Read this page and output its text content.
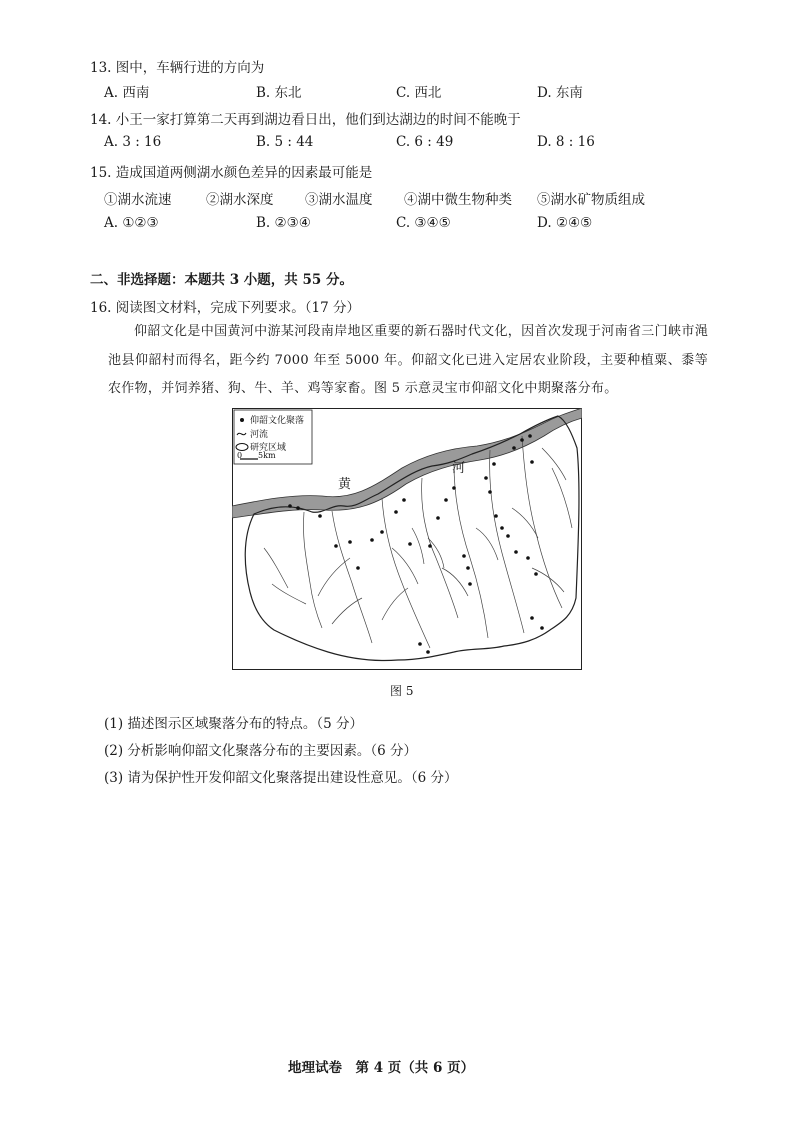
13. 图中，车辆行进的方向为
A. 西南	B. 东北	C. 西北	D. 东南
14. 小王一家打算第二天再到湖边看日出，他们到达湖边的时间不能晚于
A. 3 : 16	B. 5 : 44	C. 6 : 49	D. 8 : 16
15. 造成国道两侧湖水颜色差异的因素最可能是
①湖水流速	②湖水深度 ③湖水温度 ④湖中微生物种类 ⑤湖水矿物质组成
A. ①②③	B. ②③④	C. ③④⑤	D. ②④⑤
二、非选择题：本题共 3 小题，共 55 分。
16. 阅读图文材料，完成下列要求。（17 分）
仰韶文化是中国黄河中游某河段南岸地区重要的新石器时代文化，因首次发现于河南省三门峡市渑池县仰韶村而得名，距今约 7000 年至 5000 年。仰韶文化已进入定居农业阶段，主要种植粟、黍等农作物，并饲养猪、狗、牛、羊、鸡等家畜。图 5 示意灵宝市仰韶文化中期聚落分布。
仰韶文化聚落
河流
研究区域
0 5km
黄
河
图 5
(1) 描述图示区域聚落分布的特点。（5 分）
(2) 分析影响仰韶文化聚落分布的主要因素。（6 分）
(3) 请为保护性开发仰韶文化聚落提出建设性意见。（6 分）
地理试卷　第 4 页（共 6 页）
